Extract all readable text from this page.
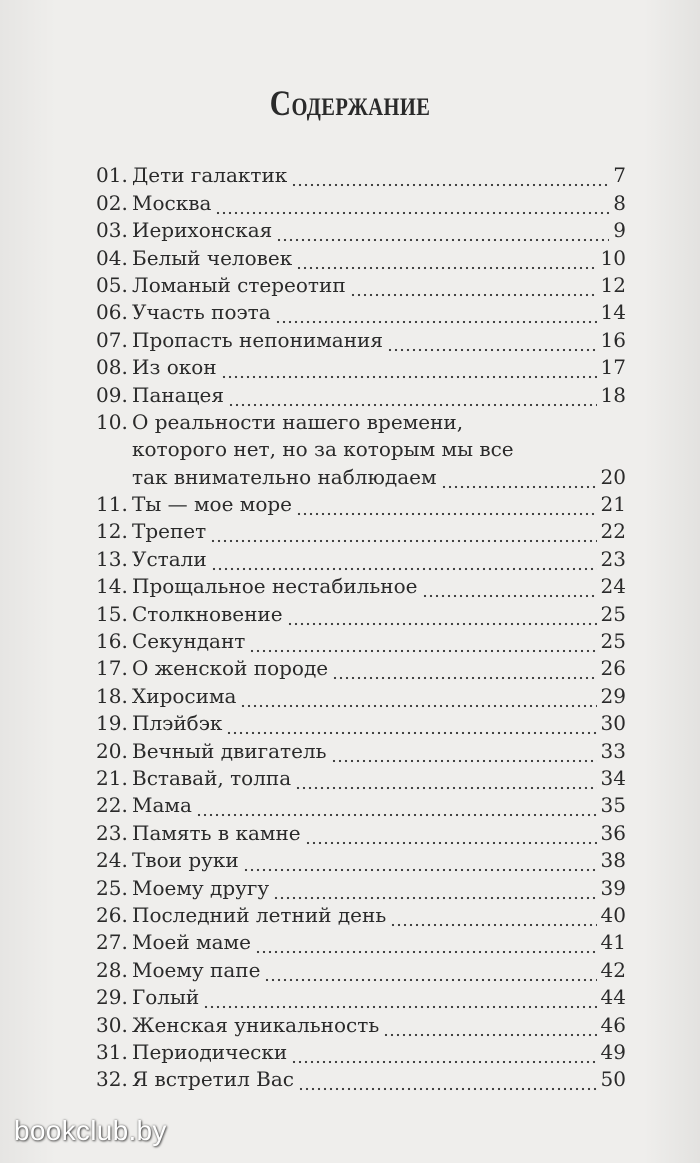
Содержание
01. Дети галактик	7
02. Москва	8
03. Иерихонская	9
04. Белый человек	10
05. Ломаный стереотип	12
06. Участь поэта	14
07. Пропасть непонимания	16
08. Из окон	17
09. Панацея	18
10. О реальности нашего времени,
которого нет, но за которым мы все
так внимательно наблюдаем	20
11. Ты — мое море	21
12. Трепет	22
13. Устали	23
14. Прощальное нестабильное	24
15. Столкновение	25
16. Секундант	25
17. О женской породе	26
18. Хиросима	29
19. Плэйбэк	30
20. Вечный двигатель	33
21. Вставай, толпа	34
22. Мама	35
23. Память в камне	36
24. Твои руки	38
25. Моему другу	39
26. Последний летний день	40
27. Моей маме	41
28. Моему папе	42
29. Голый	44
30. Женская уникальность	46
31. Периодически	49
32. Я встретил Вас	50
bookclub.by
